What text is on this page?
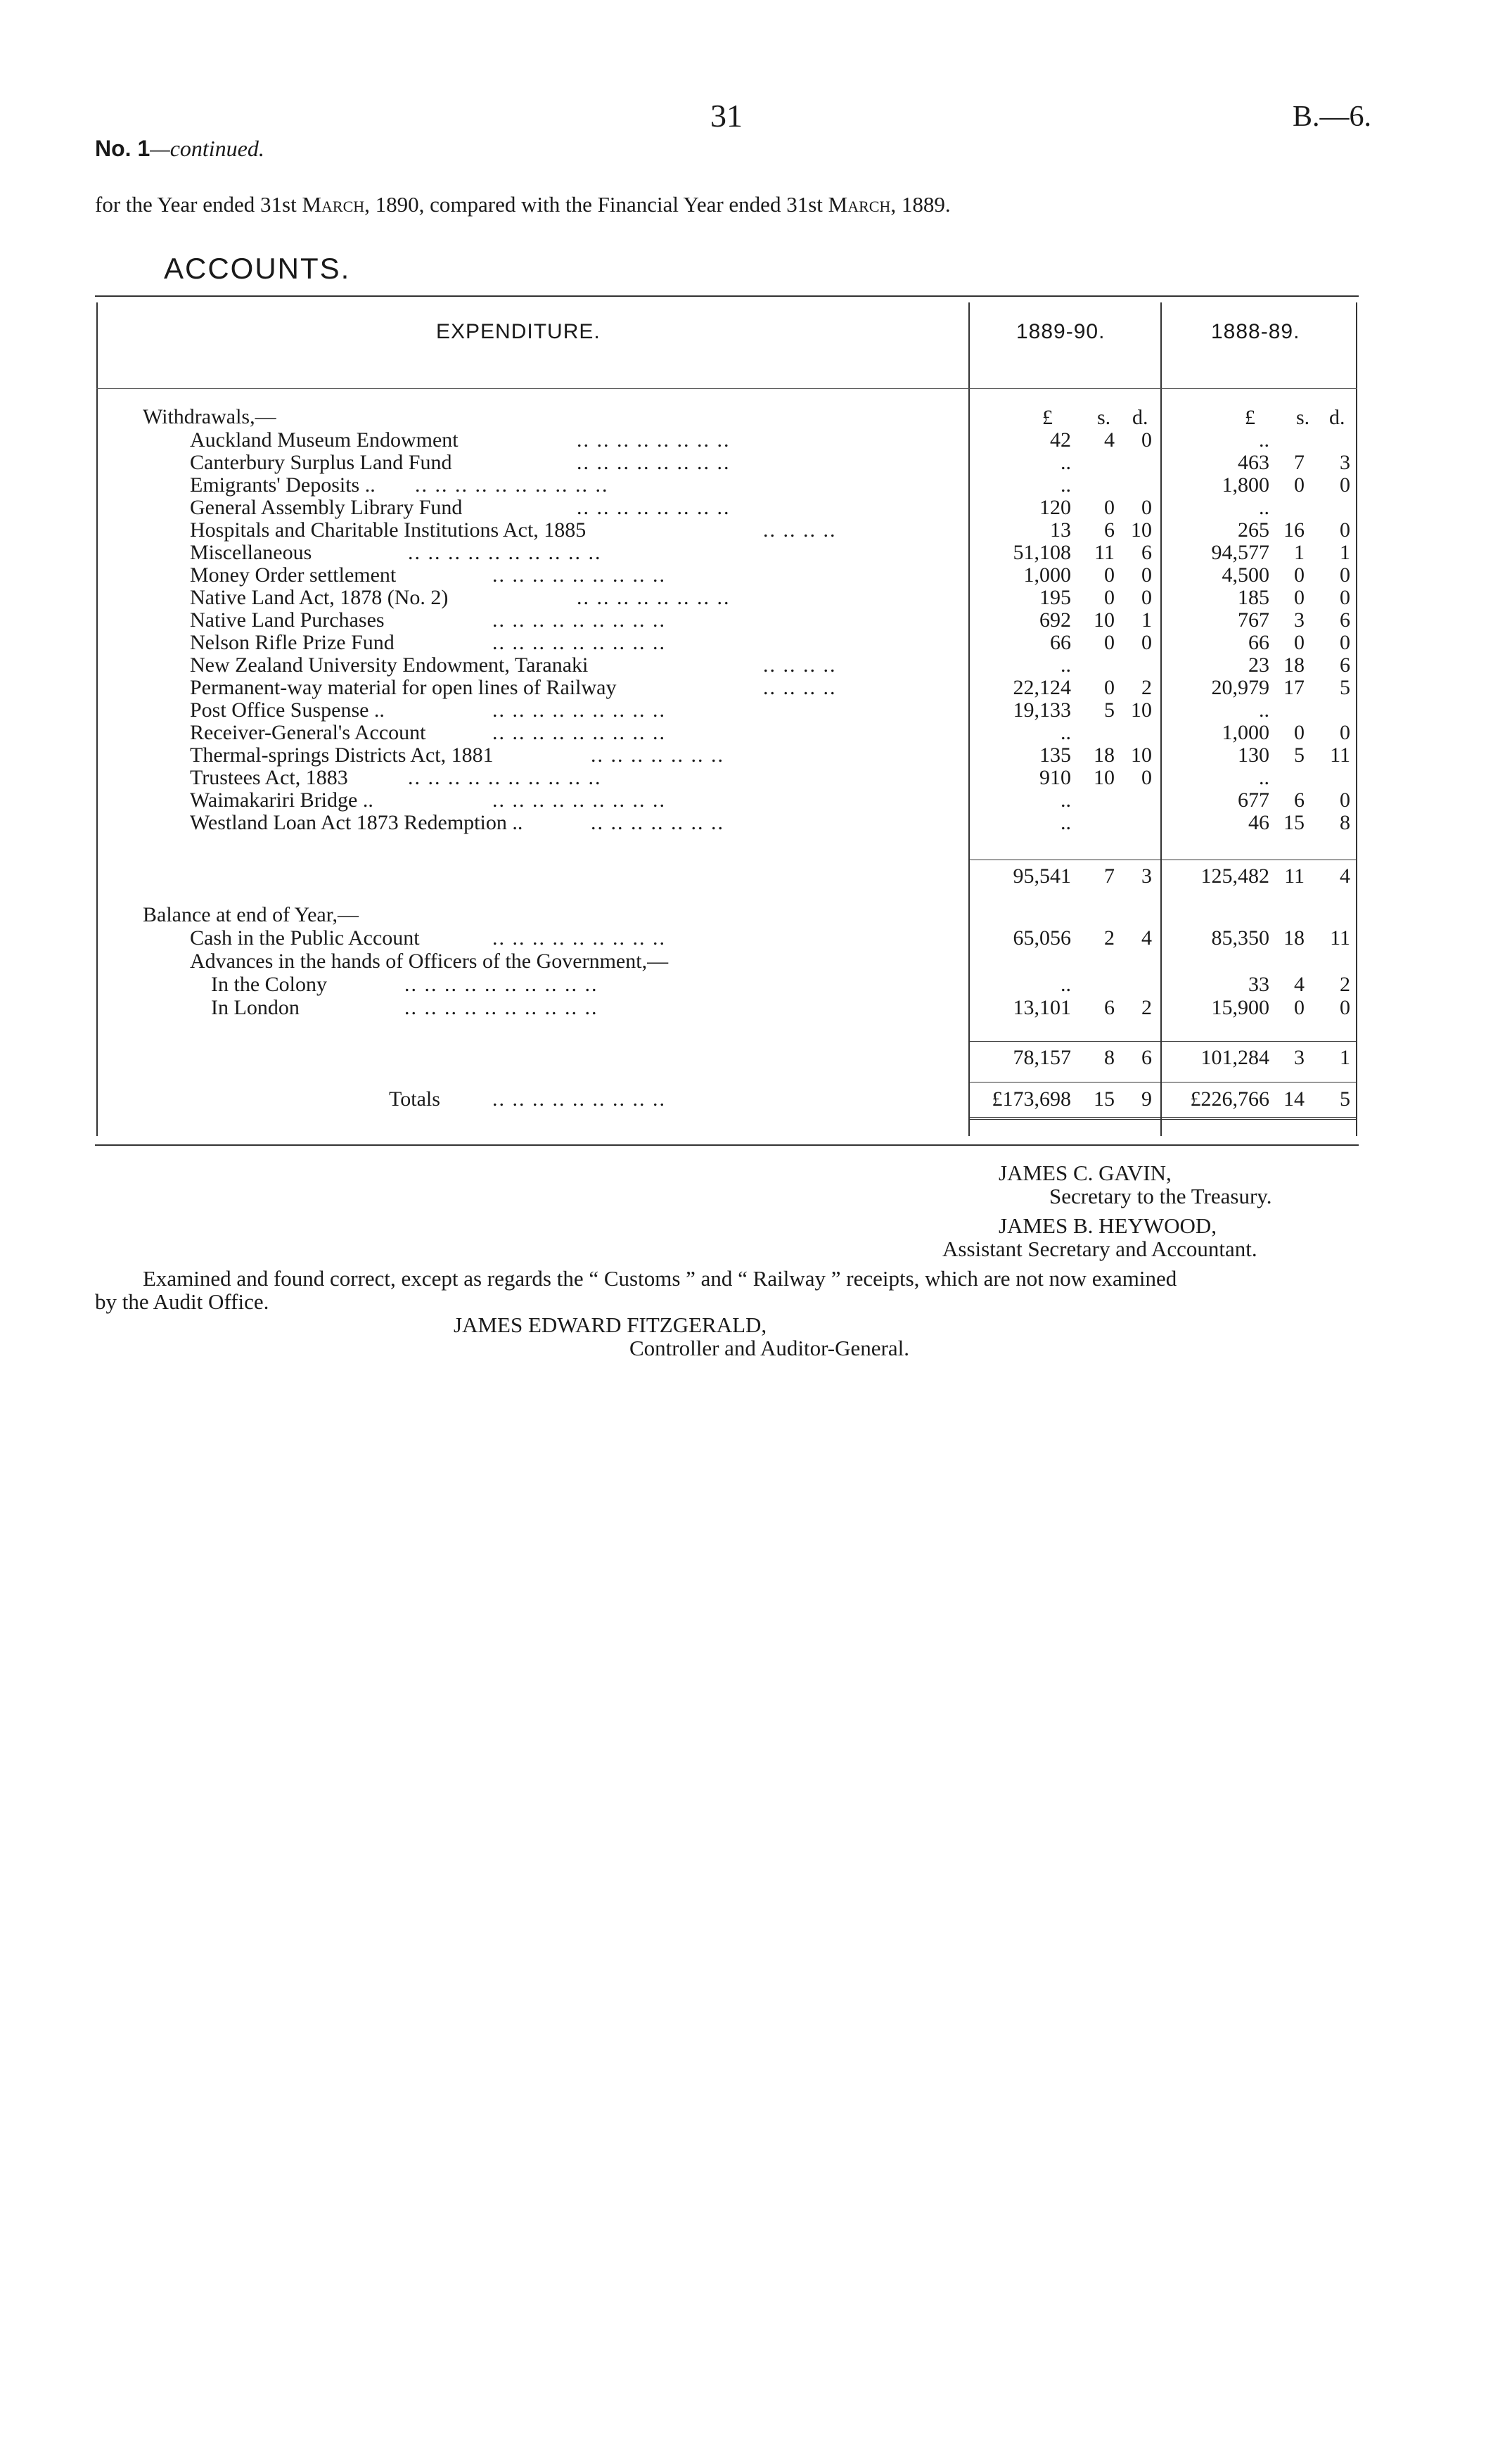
No. 1—continued.
31	B.—6.
for the Year ended 31st March, 1890, compared with the Financial Year ended 31st March, 1889.
ACCOUNTS.
EXPENDITURE.	1889-90.	1888-89.
£ s. d.	£ s. d.
Withdrawals,—
Auckland Museum Endowment	.. .. .. .. .. .. .. ..	42	4	0	..
Canterbury Surplus Land Fund	.. .. .. .. .. .. .. ..	..	463	7	3
Emigrants' Deposits .. .. .. .. .. .. .. .. .. .. ..	..	1,800	0	0
General Assembly Library Fund	.. .. .. .. .. .. .. ..	120	0	0	..
Hospitals and Charitable Institutions Act, 1885	.. .. .. ..	13	6 10	265 16	0
Miscellaneous	.. .. .. .. .. .. .. .. .. ..	51,108	11	6	94,577	1	1
Money Order settlement	.. .. .. .. .. .. .. .. ..	1,000	0	0	4,500	0	0
Native Land Act, 1878 (No. 2)	.. .. .. .. .. .. .. ..	195	0	0	185	0	0
Native Land Purchases	.. .. .. .. .. .. .. .. ..	692	10	1	767	3	6
Nelson Rifle Prize Fund	.. .. .. .. .. .. .. .. ..	66	0	0	66	0	0
New Zealand University Endowment, Taranaki	.. .. .. ..	..	23 18	6
Permanent-way material for open lines of Railway	.. .. .. ..	22,124	0	2	20,979 17	5
Post Office Suspense ..	.. .. .. .. .. .. .. .. ..	19,133	5 10	..
Receiver-General's Account	.. .. .. .. .. .. .. .. ..	..	1,000	0	0
Thermal-springs Districts Act, 1881	.. .. .. .. .. .. ..	135	18 10	130	5	11
Trustees Act, 1883	.. .. .. .. .. .. .. .. .. ..	910	10	0	..
Waimakariri Bridge ..	.. .. .. .. .. .. .. .. ..	..	677	6	0
Westland Loan Act 1873 Redemption ..	.. .. .. .. .. .. ..	..	46 15	8
95,541	7	3	125,482 11	4
Balance at end of Year,—
Cash in the Public Account	.. .. .. .. .. .. .. .. ..	65,056	2	4	85,350 18	11
Advances in the hands of Officers of the Government,—
In the Colony	.. .. .. .. .. .. .. .. .. ..	..	33	4	2
In London	.. .. .. .. .. .. .. .. .. ..	13,101	6	2	15,900	0	0
78,157	8	6	101,284	3	1
Totals .. .. .. .. .. .. .. .. ..	£173,698	15	9	£226,766 14	5
JAMES C. GAVIN,
Secretary to the Treasury.
JAMES B. HEYWOOD,
Assistant Secretary and Accountant.
Examined and found correct, except as regards the “ Customs ” and “ Railway ” receipts, which are not now examined
by the Audit Office.
JAMES EDWARD FITZGERALD,
Controller and Auditor-General.
